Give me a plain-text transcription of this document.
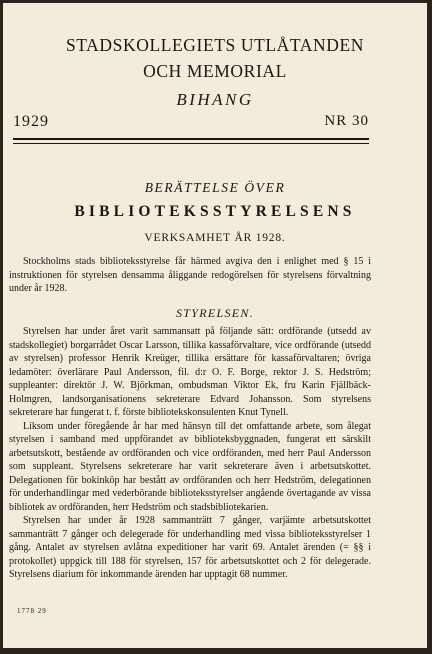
STADSKOLLEGIETS UTLÅTANDEN
OCH MEMORIAL
BIHANG
1929	NR 30
BERÄTTELSE ÖVER
BIBLIOTEKSSTYRELSENS
VERKSAMHET ÅR 1928.

Stockholms stads biblioteksstyrelse får härmed avgiva den i enlighet med § 15 i instruktionen för styrelsen densamma åliggande redogörelsen för styrelsens förvaltning under år 1928.

STYRELSEN.

Styrelsen har under året varit sammansatt på följande sätt: ordförande (utsedd av stadskollegiet) borgarrådet Oscar Larsson, tillika kassaförvaltare, vice ordförande (utsedd av styrelsen) professor Henrik Kreüger, tillika ersättare för kassaförvaltaren; övriga ledamöter: överlärare Paul Andersson, fil. d:r O. F. Borge, rektor J. S. Hedström; suppleanter: direktör J. W. Björkman, ombudsman Viktor Ek, fru Karin Fjällbäck-Holmgren, landsorganisationens sekreterare Edvard Johansson. Som styrelsens sekreterare har fungerat t. f. förste bibliotekskonsulenten Knut Tynell.

Liksom under föregående år har med hänsyn till det omfattande arbete, som ålegat styrelsen i samband med uppförandet av biblioteksbyggnaden, fungerat ett särskilt arbetsutskott, bestående av ordföranden och vice ordföranden, med herr Paul Andersson som suppleant. Styrelsens sekreterare har varit sekreterare även i arbetsutskottet. Delegationen för bokinköp har bestått av ordföranden och herr Hedström, delegationen för underhandlingar med vederbörande biblioteksstyrelser angående övertagande av vissa bibliotek av ordföranden, herr Hedström och stadsbibliotekarien.

Styrelsen har under år 1928 sammanträtt 7 gånger, varjämte arbetsutskottet sammanträtt 7 gånger och delegerade för underhandling med vissa biblioteksstyrelser 1 gång. Antalet av styrelsen avlåtna expeditioner har varit 69. Antalet ärenden (= §§ i protokollet) uppgick till 188 för styrelsen, 157 för arbetsutskottet och 2 för delegerade. Styrelsens diarium för inkommande ärenden har upptagit 68 nummer.

1778 29
